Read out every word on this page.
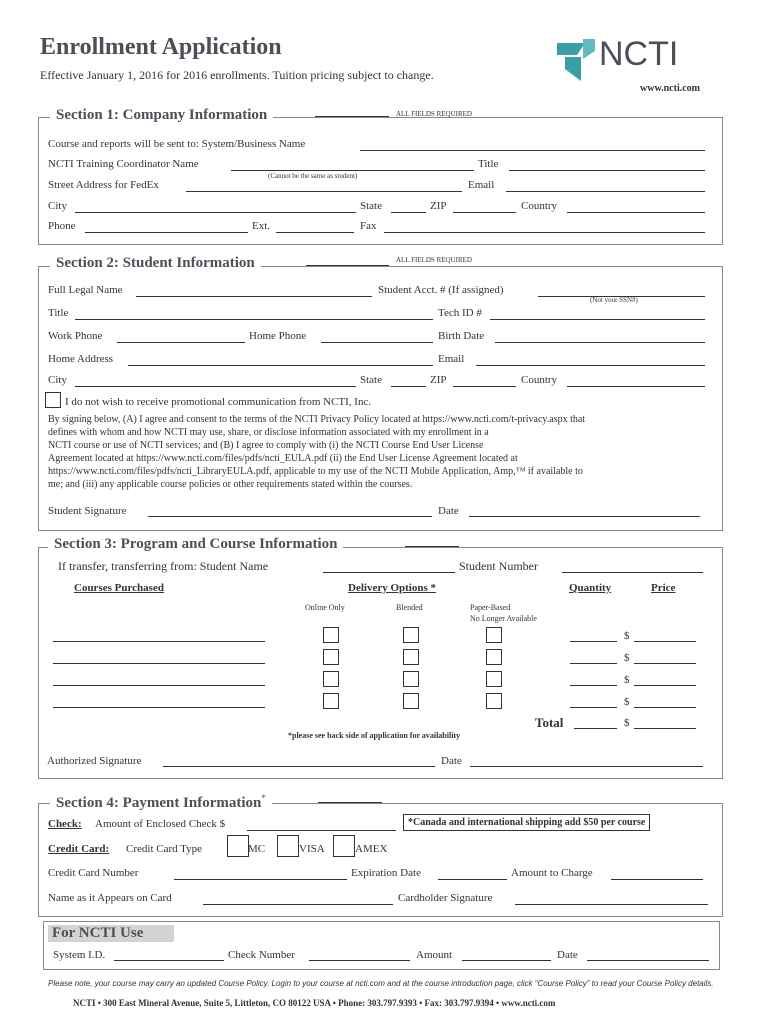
Enrollment Application
Effective January 1, 2016 for 2016 enrollments. Tuition pricing subject to change.
www.ncti.com
NCTI
Section 1: Company Information	ALL FIELDS REQUIRED
Course and reports will be sent to: System/Business Name
NCTI Training Coordinator Name
(Cannot be the same as student)
Title
Street Address for FedEx	Email
City	State	ZIP	Country
Phone	Ext.	Fax
Section 2: Student Information	ALL FIELDS REQUIRED
Full Legal Name	Student Acct. # (If assigned)
(Not your SSN#)
Title	Tech ID #
Work Phone	Home Phone	Birth Date
Home Address	Email
City	State	ZIP	Country
I do not wish to receive promotional communication from NCTI, Inc.
By signing below, (A) I agree and consent to the terms of the NCTI Privacy Policy located at https://www.ncti.com/t-privacy.aspx that
defines with whom and how NCTI may use, share, or disclose information associated with my enrollment in a
NCTI course or use of NCTI services; and (B) I agree to comply with (i) the NCTI Course End User License
Agreement located at https://www.ncti.com/files/pdfs/ncti_EULA.pdf (ii) the End User License Agreement located at
https://www.ncti.com/files/pdfs/ncti_LibraryEULA.pdf, applicable to my use of the NCTI Mobile Application, Amp,™ if available to
me; and (iii) any applicable course policies or other requirements stated within the courses.
Student Signature	Date
Section 3: Program and Course Information
If transfer, transferring from: Student Name	Student Number
Courses Purchased	Delivery Options *	Quantity	Price
Online Only	Blended	Paper-Based
No Longer Available
$
$
$
$
Total	$
*please see back side of application for availability
Authorized Signature	Date
Section 4: Payment Information*
Check: Amount of Enclosed Check $	*Canada and international shipping add $50 per course
Credit Card: Credit Card Type	MC	VISA	AMEX
Credit Card Number	Expiration Date	Amount to Charge
Name as it Appears on Card	Cardholder Signature
For NCTI Use
System I.D.	Check Number	Amount	Date
Please note, your course may carry an updated Course Policy. Login to your course at ncti.com and at the course introduction page, click “Course Policy” to read your Course Policy details.
NCTI • 300 East Mineral Avenue, Suite 5, Littleton, CO 80122 USA • Phone: 303.797.9393 • Fax: 303.797.9394 • www.ncti.com
